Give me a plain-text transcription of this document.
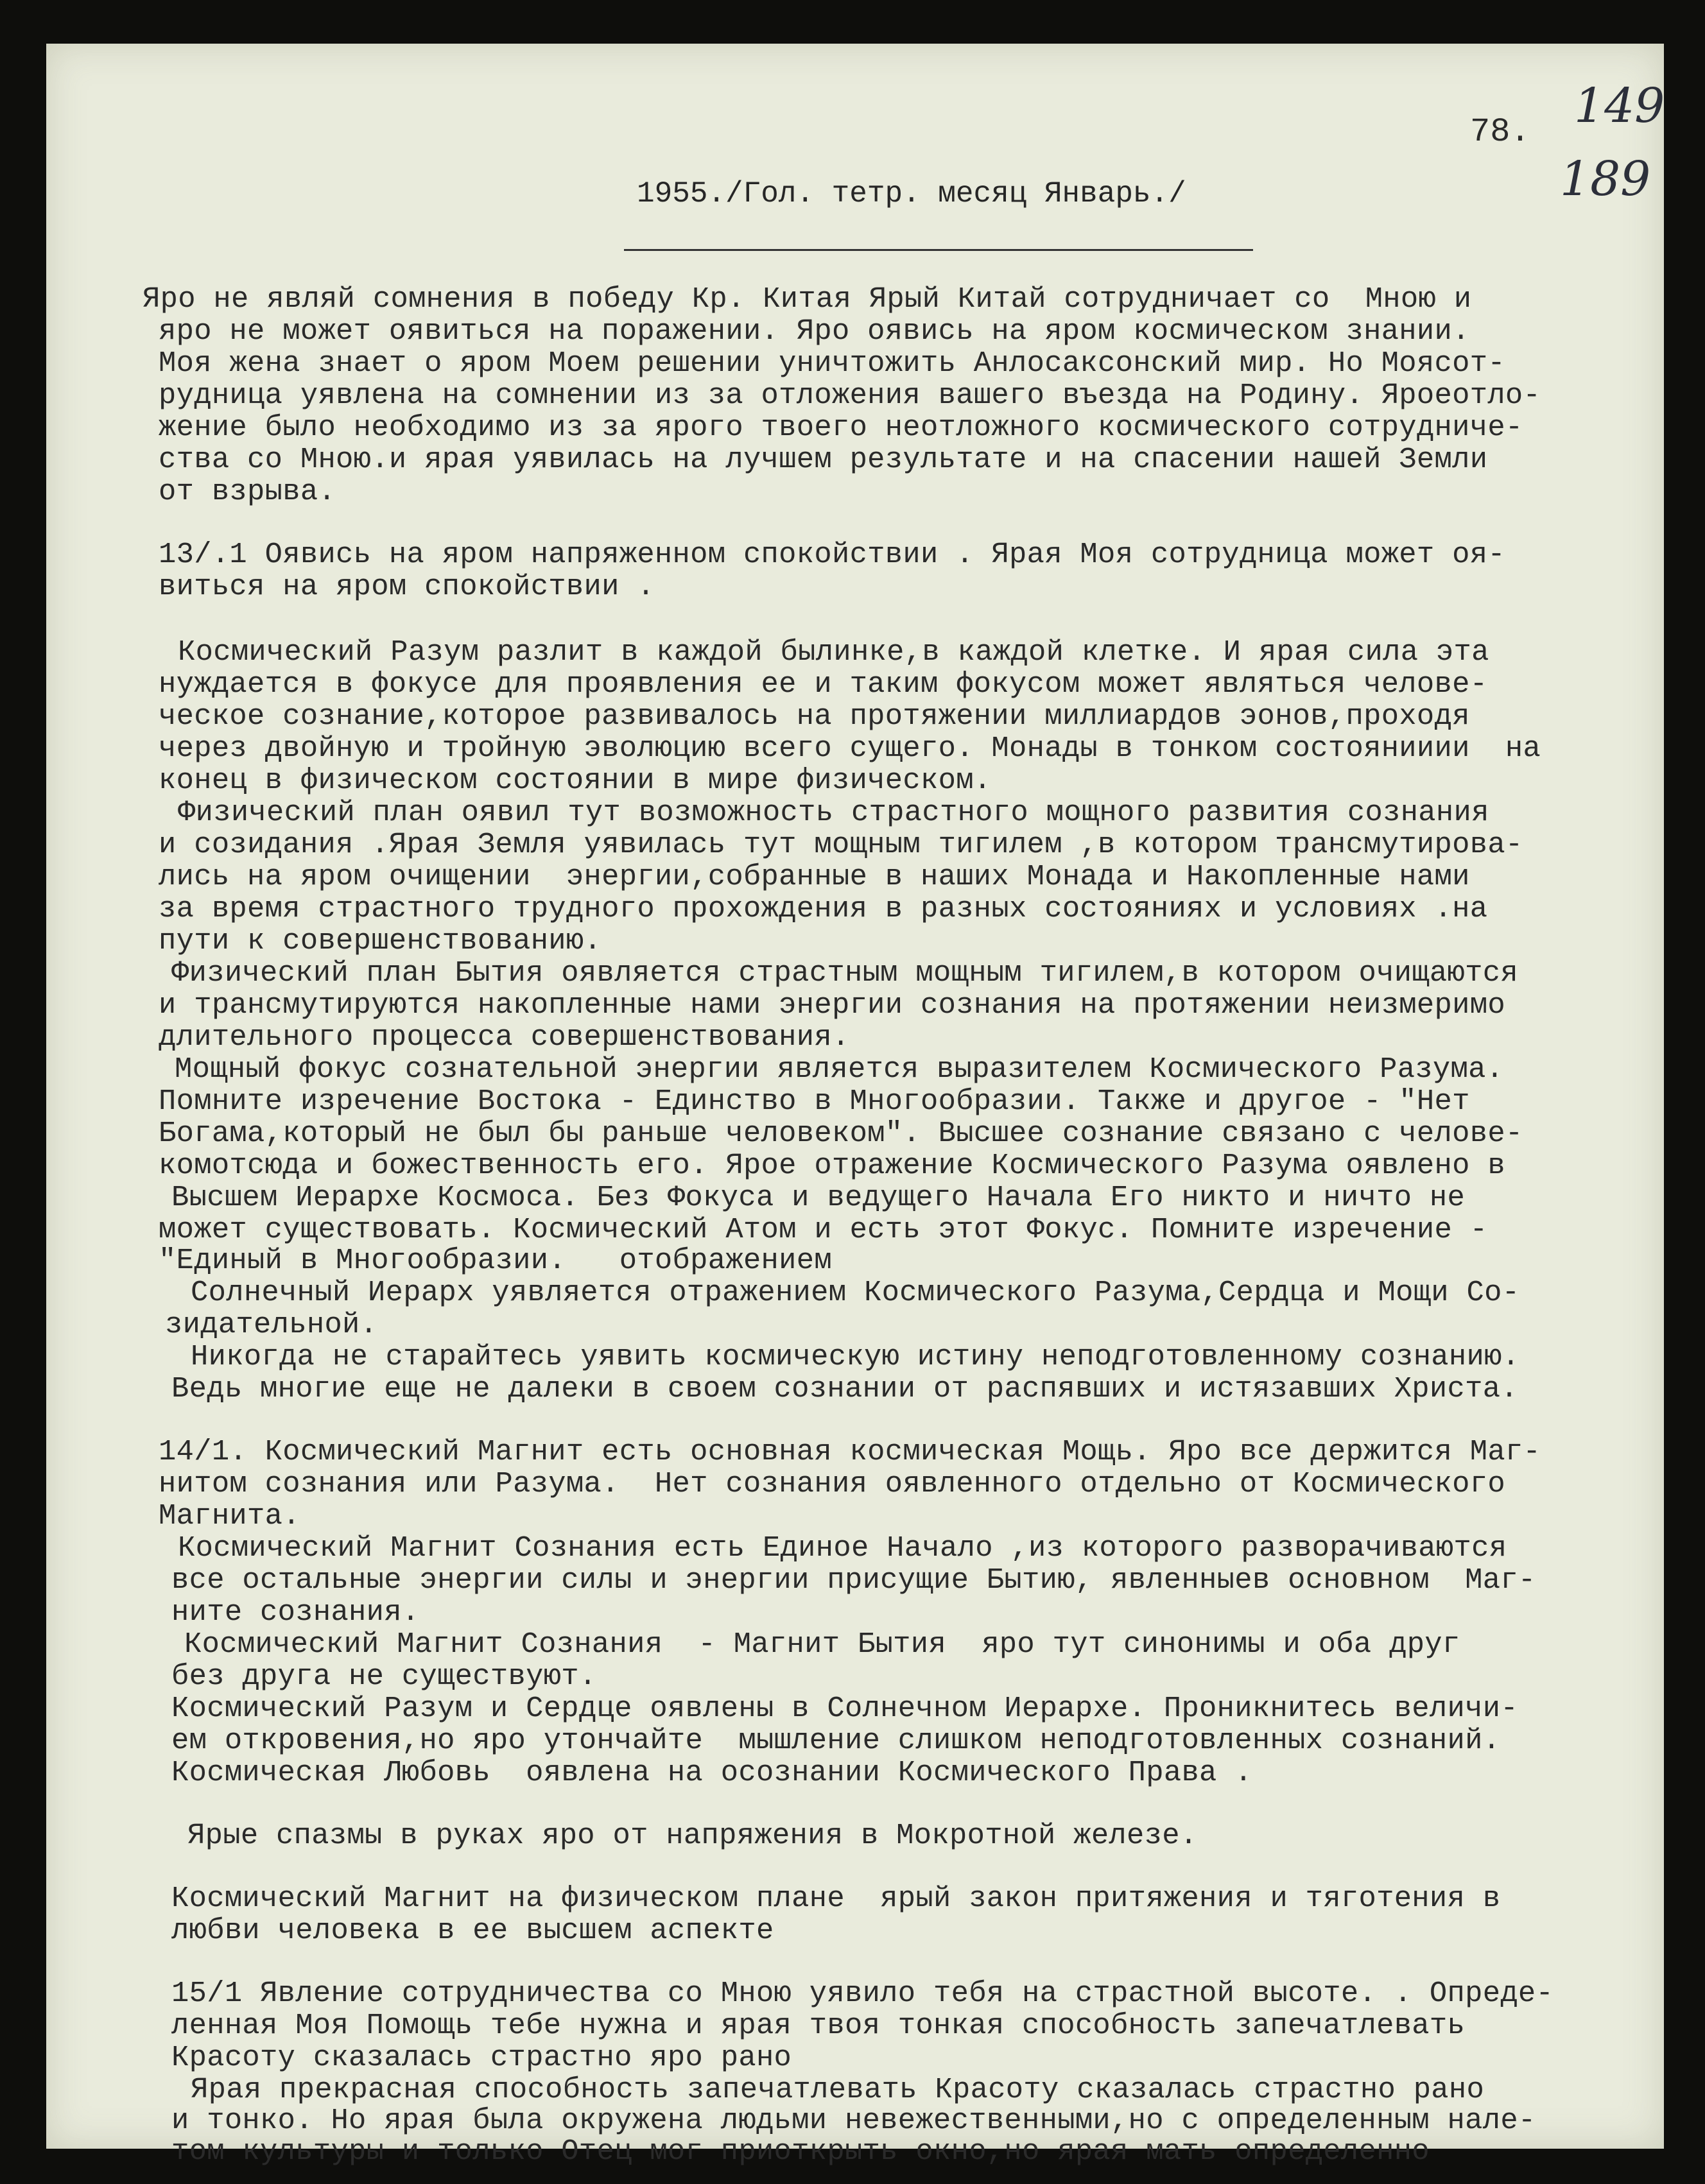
78. 149
189
1955./Гол. тетр. месяц Январь./
Яро не являй сомнения в победу Кр. Китая Ярый Китай сотрудничает со  Мною и
яро не может оявиться на поражении. Яро оявись на яром космическом знании.
Моя жена знает о яром Моем решении уничтожить Анлосаксонский мир. Но Моясот-
рудница уявлена на сомнении из за отложения вашего въезда на Родину. Яроеотло-
жение было необходимо из за ярого твоего неотложного космического сотрудниче-
ства со Мною.и ярая уявилась на лучшем результате и на спасении нашей Земли
от взрыва.
13/.1 Оявись на яром напряженном спокойствии . Ярая Моя сотрудница может оя-
виться на яром спокойствии .
Космический Разум разлит в каждой былинке,в каждой клетке. И ярая сила эта
нуждается в фокусе для проявления ее и таким фокусом может являться челове-
ческое сознание,которое развивалось на протяжении миллиардов эонов,проходя
через двойную и тройную эволюцию всего сущего. Монады в тонком состоянииии  на
конец в физическом состоянии в мире физическом.
Физический план оявил тут возможность страстного мощного развития сознания
и созидания .Ярая Земля уявилась тут мощным тигилем ,в котором трансмутирова-
лись на яром очищении  энергии,собранные в наших Монада и Накопленные нами
за время страстного трудного прохождения в разных состояниях и условиях .на
пути к совершенствованию.
Физический план Бытия оявляется страстным мощным тигилем,в котором очищаются
и трансмутируются накопленные нами энергии сознания на протяжении неизмеримо
длительного процесса совершенствования.
Мощный фокус сознательной энергии является выразителем Космического Разума.
Помните изречение Востока - Единство в Многообразии. Также и другое - "Нет
Богама,который не был бы раньше человеком". Высшее сознание связано с челове-
комотсюда и божественность его. Ярое отражение Космического Разума оявлено в
Высшем Иерархе Космоса. Без Фокуса и ведущего Начала Его никто и ничто не
может существовать. Космический Атом и есть этот Фокус. Помните изречение -
"Единый в Многообразии.   отображением
Солнечный Иерарх уявляется отражением Космического Разума,Сердца и Мощи Со-
зидательной.
Никогда не старайтесь уявить космическую истину неподготовленному сознанию.
Ведь многие еще не далеки в своем сознании от распявших и истязавших Христа.
14/1. Космический Магнит есть основная космическая Мощь. Яро все держится Маг-
нитом сознания или Разума.  Нет сознания оявленного отдельно от Космического
Магнита.
Космический Магнит Сознания есть Единое Начало ,из которого разворачиваются
все остальные энергии силы и энергии присущие Бытию, явленныев основном  Маг-
ните сознания.
Космический Магнит Сознания  - Магнит Бытия  яро тут синонимы и оба друг
без друга не существуют.
Космический Разум и Сердце оявлены в Солнечном Иерархе. Проникнитесь величи-
ем откровения,но яро утончайте  мышление слишком неподготовленных сознаний.
Космическая Любовь  оявлена на осознании Космического Права .
Ярые спазмы в руках яро от напряжения в Мокротной железе.
Космический Магнит на физическом плане  ярый закон притяжения и тяготения в
любви человека в ее высшем аспекте
15/1 Явление сотрудничества со Мною уявило тебя на страстной высоте. . Опреде-
ленная Моя Помощь тебе нужна и ярая твоя тонкая способность запечатлевать
Красоту сказалась страстно яро рано
Ярая прекрасная способность запечатлевать Красоту сказалась страстно рано
и тонко. Но ярая была окружена людьми невежественными,но с определенным нале-
том культуры и только Отец мог приоткрыть окно,но ярая мать определенно
